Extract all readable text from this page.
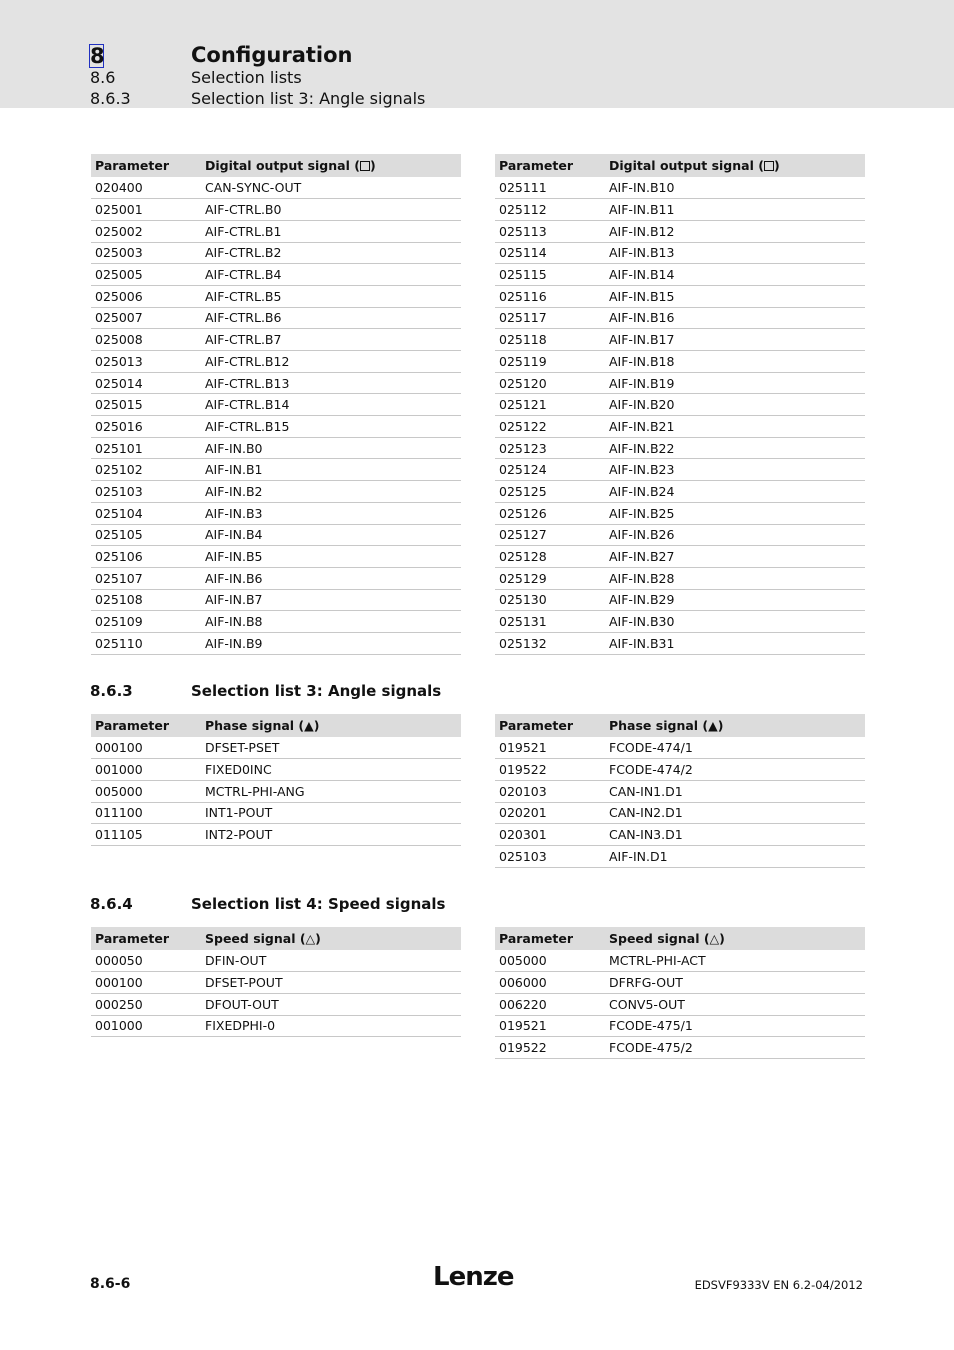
8	Configuration
8.6	Selection lists
8.6.3	Selection list 3: Angle signals
Parameter	Digital output signal ( )
020400	CAN-SYNC-OUT
025001	AIF-CTRL.B0
025002	AIF-CTRL.B1
025003	AIF-CTRL.B2
025005	AIF-CTRL.B4
025006	AIF-CTRL.B5
025007	AIF-CTRL.B6
025008	AIF-CTRL.B7
025013	AIF-CTRL.B12
025014	AIF-CTRL.B13
025015	AIF-CTRL.B14
025016	AIF-CTRL.B15
025101	AIF-IN.B0
025102	AIF-IN.B1
025103	AIF-IN.B2
025104	AIF-IN.B3
025105	AIF-IN.B4
025106	AIF-IN.B5
025107	AIF-IN.B6
025108	AIF-IN.B7
025109	AIF-IN.B8
025110	AIF-IN.B9
Parameter	Digital output signal ( )
025111	AIF-IN.B10
025112	AIF-IN.B11
025113	AIF-IN.B12
025114	AIF-IN.B13
025115	AIF-IN.B14
025116	AIF-IN.B15
025117	AIF-IN.B16
025118	AIF-IN.B17
025119	AIF-IN.B18
025120	AIF-IN.B19
025121	AIF-IN.B20
025122	AIF-IN.B21
025123	AIF-IN.B22
025124	AIF-IN.B23
025125	AIF-IN.B24
025126	AIF-IN.B25
025127	AIF-IN.B26
025128	AIF-IN.B27
025129	AIF-IN.B28
025130	AIF-IN.B29
025131	AIF-IN.B30
025132	AIF-IN.B31
8.6.3	Selection list 3: Angle signals
Parameter	Phase signal (▲)
000100	DFSET-PSET
001000	FIXED0INC
005000	MCTRL-PHI-ANG
011100	INT1-POUT
011105	INT2-POUT
Parameter	Phase signal (▲)
019521	FCODE-474/1
019522	FCODE-474/2
020103	CAN-IN1.D1
020201	CAN-IN2.D1
020301	CAN-IN3.D1
025103	AIF-IN.D1
8.6.4	Selection list 4: Speed signals
Parameter	Speed signal (△)
000050	DFIN-OUT
000100	DFSET-POUT
000250	DFOUT-OUT
001000	FIXEDPHI-0
Parameter	Speed signal (△)
005000	MCTRL-PHI-ACT
006000	DFRFG-OUT
006220	CONV5-OUT
019521	FCODE-475/1
019522	FCODE-475/2
8.6-6	Lenze	EDSVF9333V EN 6.2-04/2012
